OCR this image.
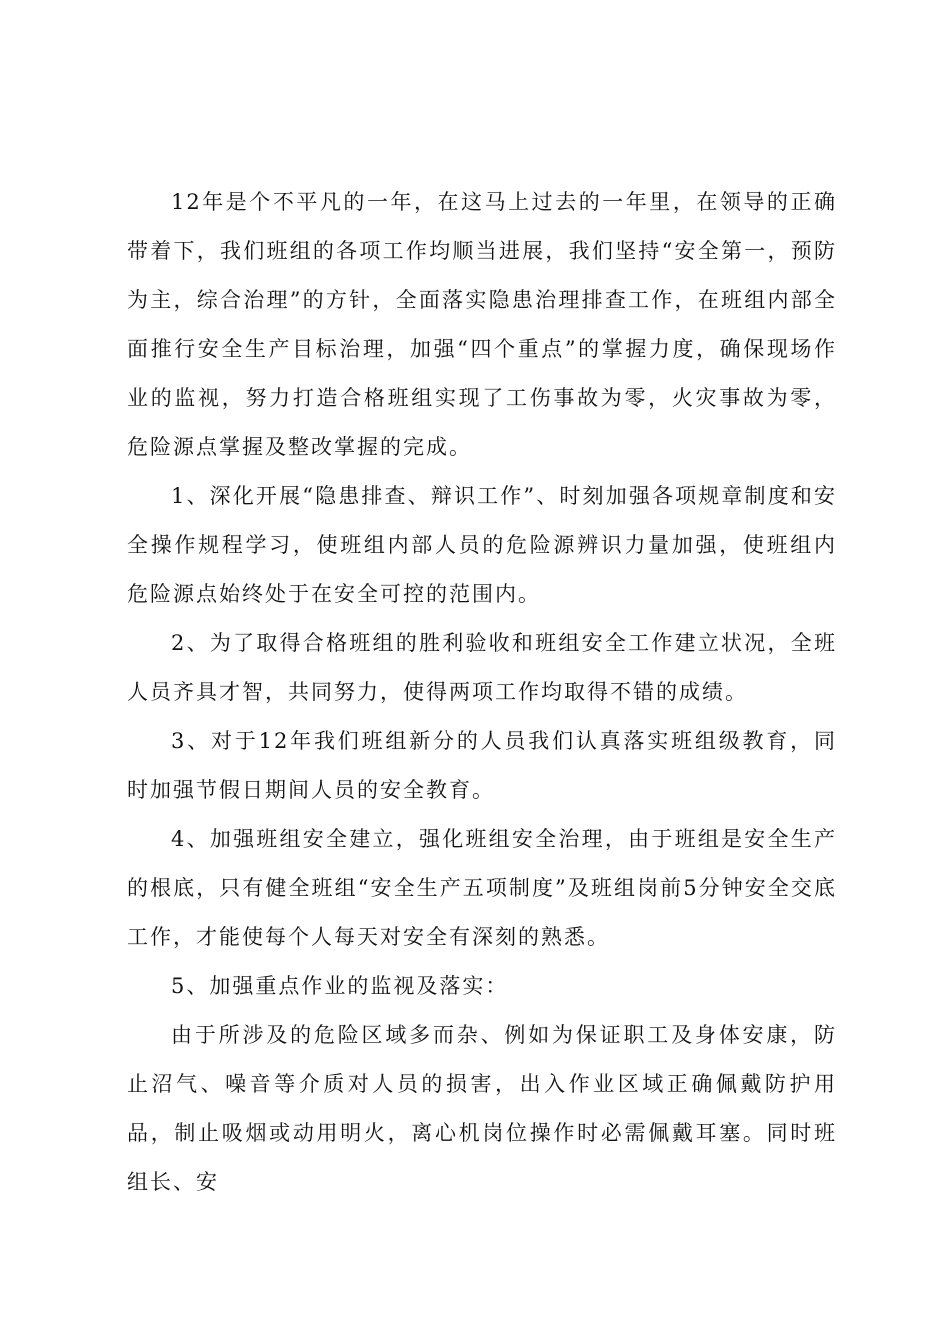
12年是个不平凡的一年，在这马上过去的一年里，在领导的正确带着下，我们班组的各项工作均顺当进展，我们坚持“安全第一，预防为主，综合治理”的方针，全面落实隐患治理排查工作，在班组内部全面推行安全生产目标治理，加强“四个重点”的掌握力度，确保现场作业的监视，努力打造合格班组实现了工伤事故为零，火灾事故为零，危险源点掌握及整改掌握的完成。

1、深化开展“隐患排查、辩识工作”、时刻加强各项规章制度和安全操作规程学习，使班组内部人员的危险源辨识力量加强，使班组内危险源点始终处于在安全可控的范围内。

2、为了取得合格班组的胜利验收和班组安全工作建立状况，全班人员齐具才智，共同努力，使得两项工作均取得不错的成绩。

3、对于12年我们班组新分的人员我们认真落实班组级教育，同时加强节假日期间人员的安全教育。

4、加强班组安全建立，强化班组安全治理，由于班组是安全生产的根底，只有健全班组“安全生产五项制度”及班组岗前5分钟安全交底工作，才能使每个人每天对安全有深刻的熟悉。

5、加强重点作业的监视及落实：

由于所涉及的危险区域多而杂、例如为保证职工及身体安康，防止沼气、噪音等介质对人员的损害，出入作业区域正确佩戴防护用品，制止吸烟或动用明火，离心机岗位操作时必需佩戴耳塞。同时班组长、安
